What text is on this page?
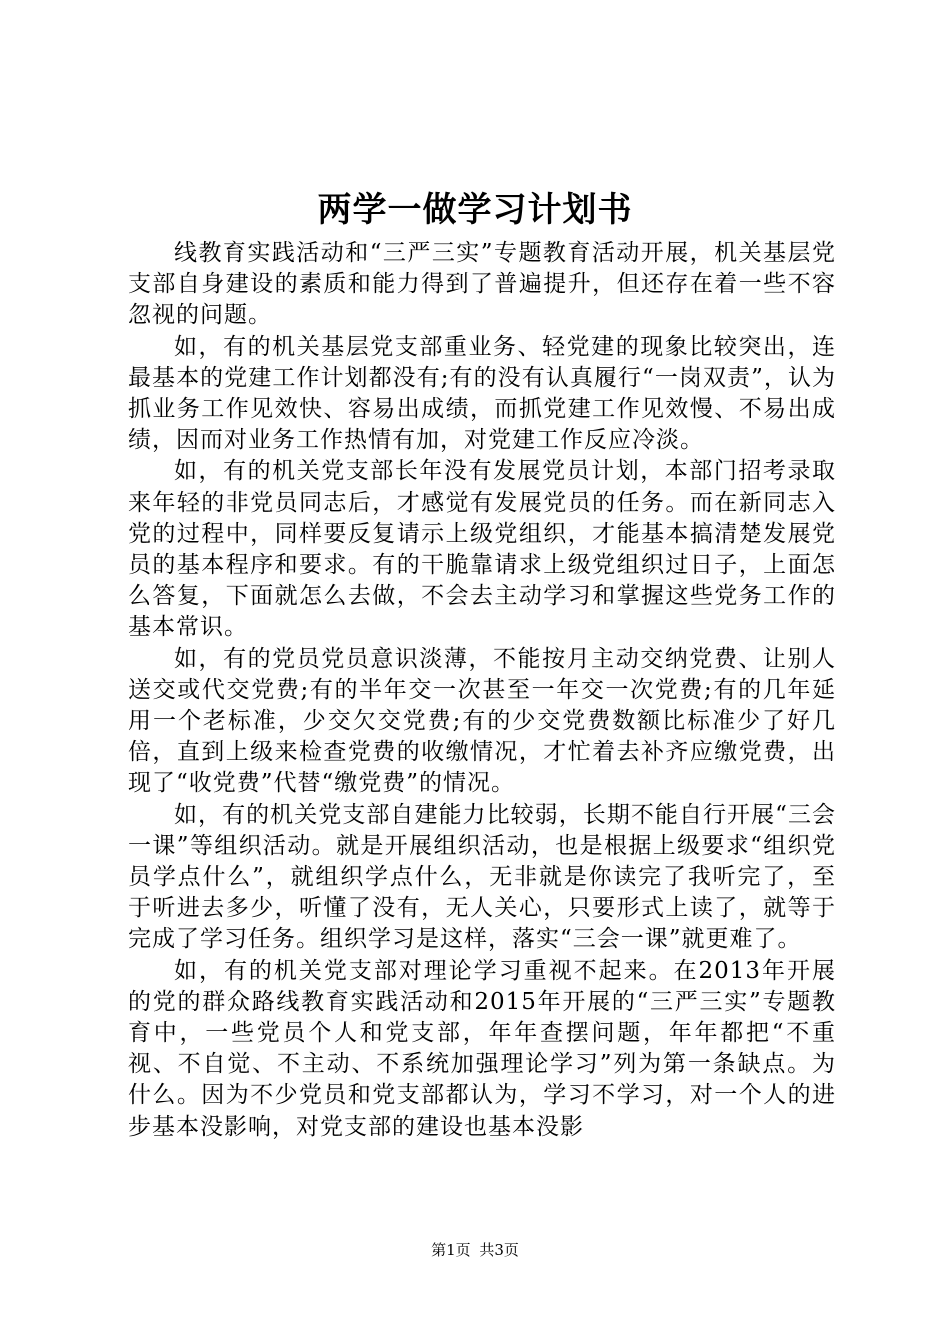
两学一做学习计划书

线教育实践活动和“三严三实”专题教育活动开展，机关基层党支部自身建设的素质和能力得到了普遍提升，但还存在着一些不容忽视的问题。

如，有的机关基层党支部重业务、轻党建的现象比较突出，连最基本的党建工作计划都没有;有的没有认真履行“一岗双责”，认为抓业务工作见效快、容易出成绩，而抓党建工作见效慢、不易出成绩，因而对业务工作热情有加，对党建工作反应冷淡。

如，有的机关党支部长年没有发展党员计划，本部门招考录取来年轻的非党员同志后，才感觉有发展党员的任务。而在新同志入党的过程中，同样要反复请示上级党组织，才能基本搞清楚发展党员的基本程序和要求。有的干脆靠请求上级党组织过日子，上面怎么答复，下面就怎么去做，不会去主动学习和掌握这些党务工作的基本常识。

如，有的党员党员意识淡薄，不能按月主动交纳党费、让别人送交或代交党费;有的半年交一次甚至一年交一次党费;有的几年延用一个老标准，少交欠交党费;有的少交党费数额比标准少了好几倍，直到上级来检查党费的收缴情况，才忙着去补齐应缴党费，出现了“收党费”代替“缴党费”的情况。

如，有的机关党支部自建能力比较弱，长期不能自行开展“三会一课”等组织活动。就是开展组织活动，也是根据上级要求“组织党员学点什么”，就组织学点什么，无非就是你读完了我听完了，至于听进去多少，听懂了没有，无人关心，只要形式上读了，就等于完成了学习任务。组织学习是这样，落实“三会一课”就更难了。

如，有的机关党支部对理论学习重视不起来。在2013年开展的党的群众路线教育实践活动和2015年开展的“三严三实”专题教育中，一些党员个人和党支部，年年查摆问题，年年都把“不重视、不自觉、不主动、不系统加强理论学习”列为第一条缺点。为什么。因为不少党员和党支部都认为，学习不学习，对一个人的进步基本没影响，对党支部的建设也基本没影

第1页 共3页
